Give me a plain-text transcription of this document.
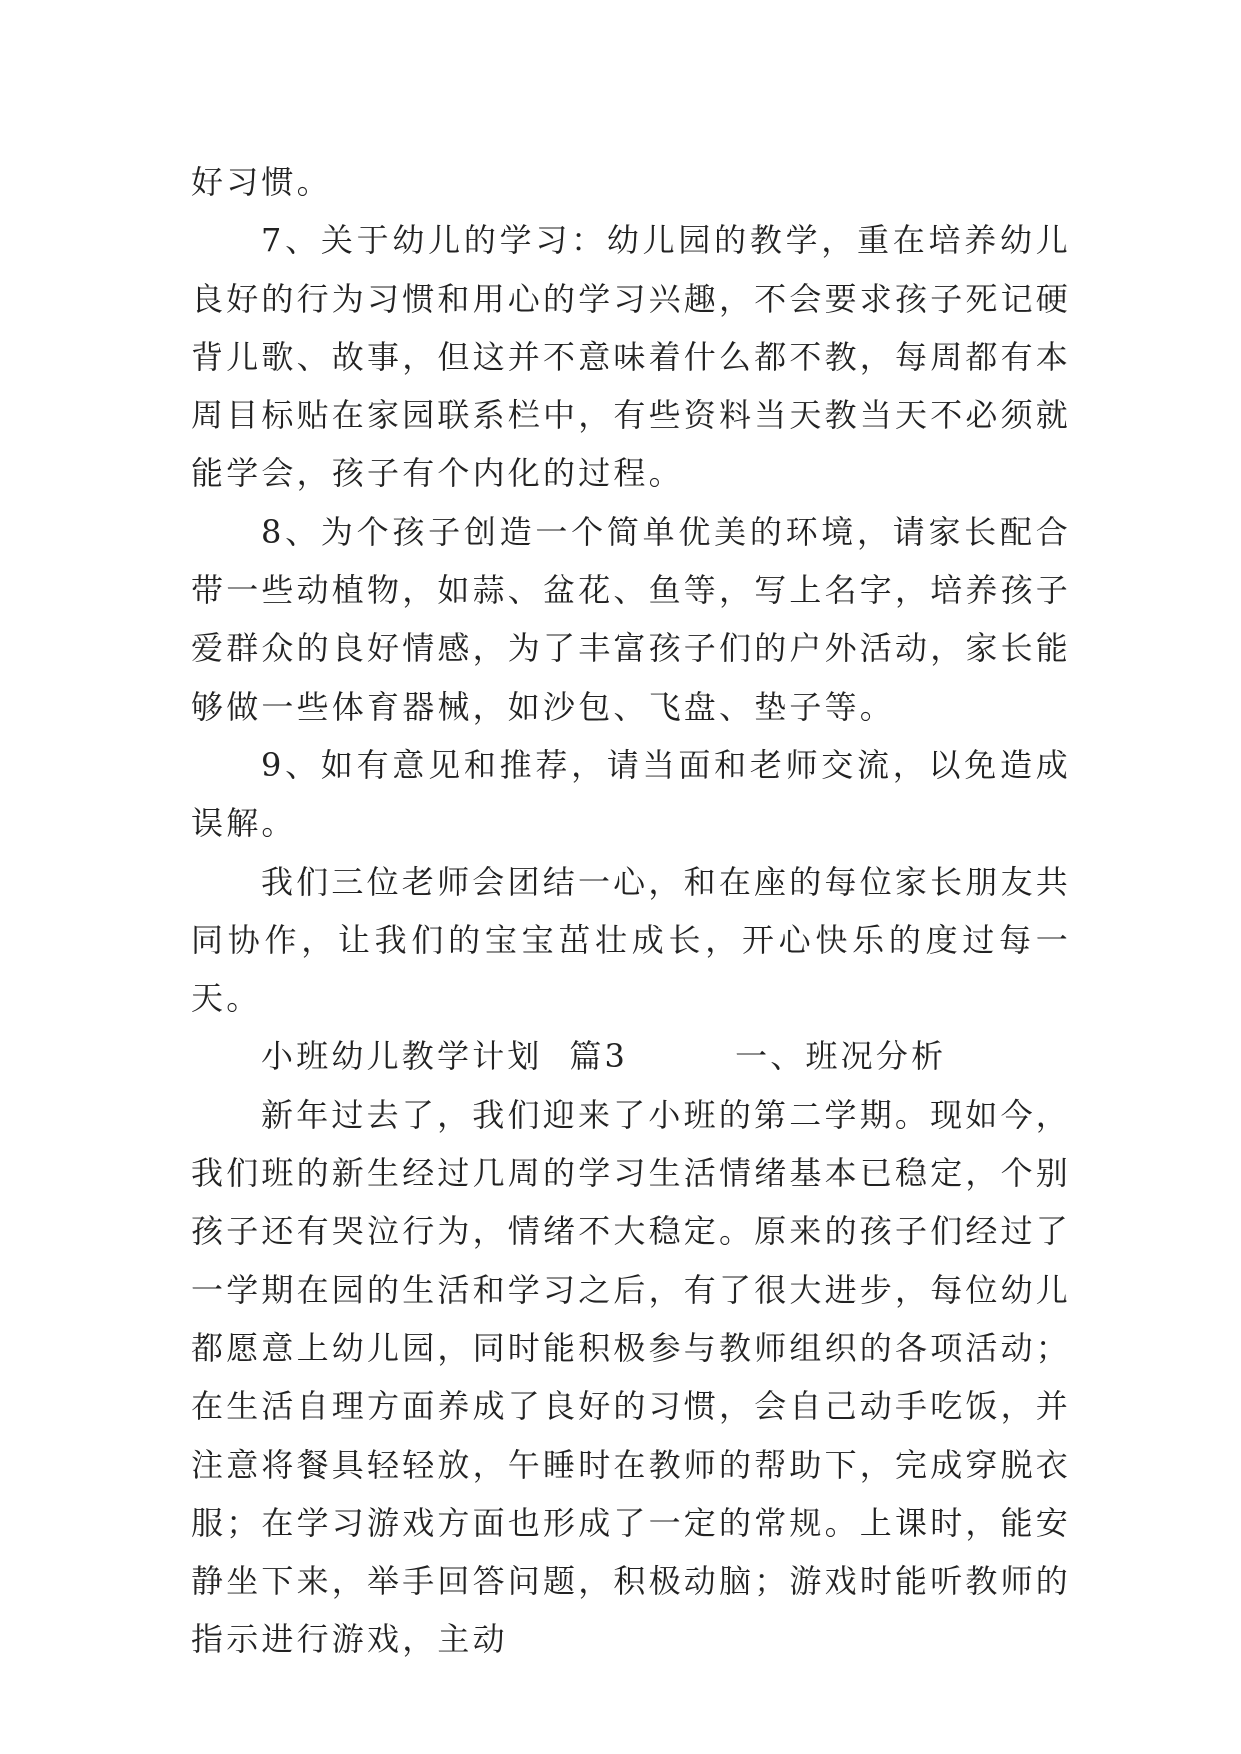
好习惯。

7、关于幼儿的学习：幼儿园的教学，重在培养幼儿良好的行为习惯和用心的学习兴趣，不会要求孩子死记硬背儿歌、故事，但这并不意味着什么都不教，每周都有本周目标贴在家园联系栏中，有些资料当天教当天不必须就能学会，孩子有个内化的过程。

8、为个孩子创造一个简单优美的环境，请家长配合带一些动植物，如蒜、盆花、鱼等，写上名字，培养孩子爱群众的良好情感，为了丰富孩子们的户外活动，家长能够做一些体育器械，如沙包、飞盘、垫子等。

9、如有意见和推荐，请当面和老师交流，以免造成误解。

我们三位老师会团结一心，和在座的每位家长朋友共同协作，让我们的宝宝茁壮成长，开心快乐的度过每一天。

小班幼儿教学计划  篇3        一、班况分析

新年过去了，我们迎来了小班的第二学期。现如今，我们班的新生经过几周的学习生活情绪基本已稳定，个别孩子还有哭泣行为，情绪不大稳定。原来的孩子们经过了一学期在园的生活和学习之后，有了很大进步，每位幼儿都愿意上幼儿园，同时能积极参与教师组织的各项活动；在生活自理方面养成了良好的习惯，会自己动手吃饭，并注意将餐具轻轻放，午睡时在教师的帮助下，完成穿脱衣服；在学习游戏方面也形成了一定的常规。上课时，能安静坐下来，举手回答问题，积极动脑；游戏时能听教师的指示进行游戏，主动
